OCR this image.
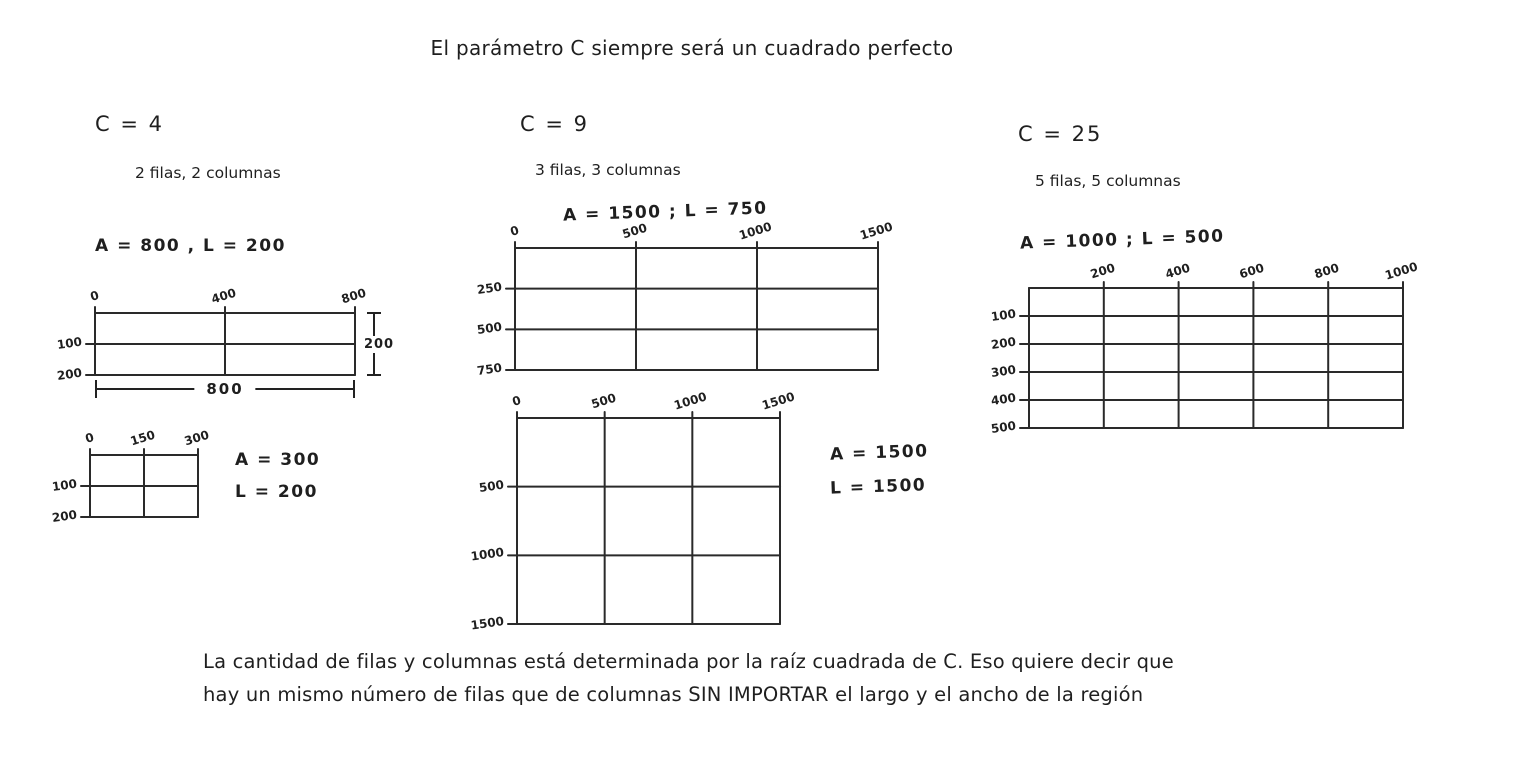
El parámetro C siempre será un cuadrado perfecto
C = 4
2 filas, 2 columnas
A = 800 , L = 200
0	400	800
100
200
200
800
0	150 300
100
200
A = 300
L = 200
C = 9
3 filas, 3 columnas
A = 1500 ; L = 750
0	500	1000	1500
250
500
750
0	500	1000	1500
500
1000
1500
A = 1500
L = 1500
C = 25
5 filas, 5 columnas
A = 1000 ; L = 500
200	400	600	800	1000
100
200
300
400
500
La cantidad de filas y columnas está determinada por la raíz cuadrada de C. Eso quiere decir que
hay un mismo número de filas que de columnas SIN IMPORTAR el largo y el ancho de la región
